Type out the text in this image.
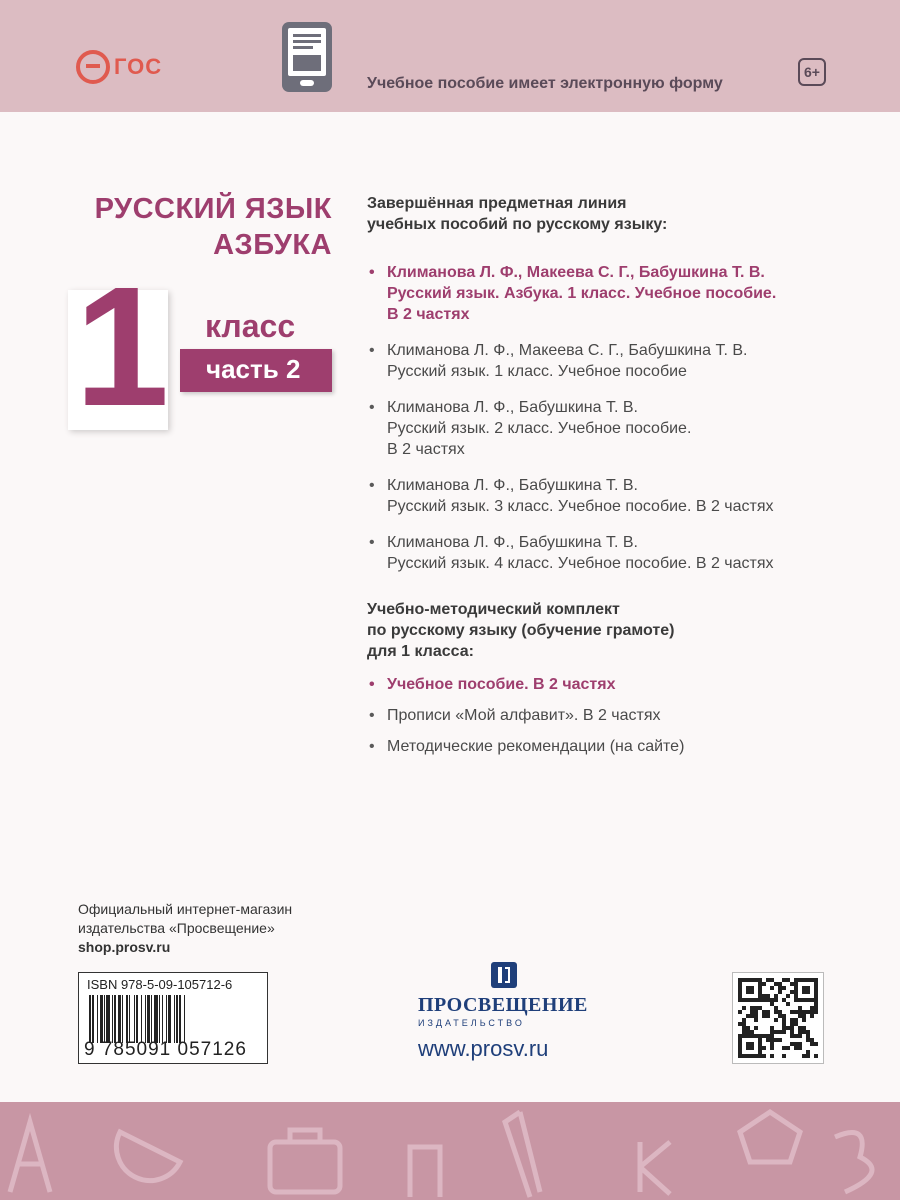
ГОС
Учебное пособие имеет электронную форму
6+
РУССКИЙ ЯЗЫК
АЗБУКА
1 класс
часть 2
Завершённая предметная линия
учебных пособий по русскому языку:
• Климанова Л. Ф., Макеева С. Г., Бабушкина Т. В.
Русский язык. Азбука. 1 класс. Учебное пособие.
В 2 частях
• Климанова Л. Ф., Макеева С. Г., Бабушкина Т. В.
Русский язык. 1 класс. Учебное пособие
• Климанова Л. Ф., Бабушкина Т. В.
Русский язык. 2 класс. Учебное пособие.
В 2 частях
• Климанова Л. Ф., Бабушкина Т. В.
Русский язык. 3 класс. Учебное пособие. В 2 частях
• Климанова Л. Ф., Бабушкина Т. В.
Русский язык. 4 класс. Учебное пособие. В 2 частях
Учебно-методический комплект
по русскому языку (обучение грамоте)
для 1 класса:
• Учебное пособие. В 2 частях
• Прописи «Мой алфавит». В 2 частях
• Методические рекомендации (на сайте)
Официальный интернет-магазин
издательства «Просвещение»
shop.prosv.ru
ISBN 978-5-09-105712-6
9 785091 057126
ПРОСВЕЩЕНИЕ
ИЗДАТЕЛЬСТВО
www.prosv.ru
